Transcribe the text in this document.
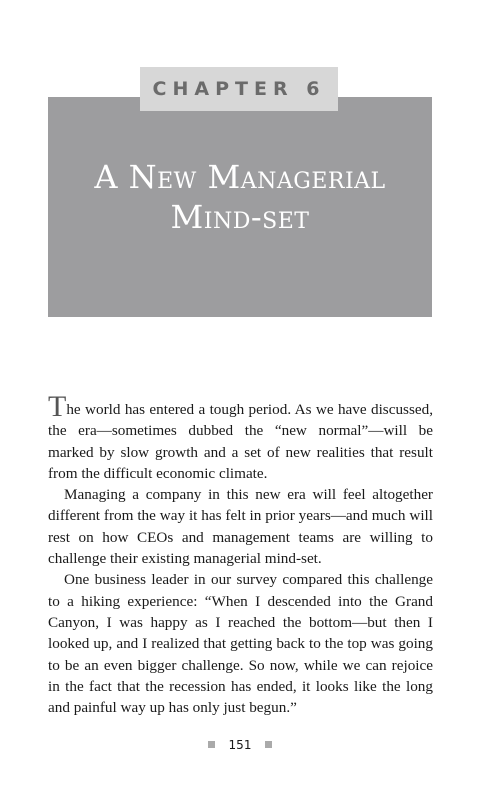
CHAPTER 6
A New Managerial
Mind-set

The world has entered a tough period. As we have discussed, the era—sometimes dubbed the “new normal”—will be marked by slow growth and a set of new realities that result from the difficult economic climate.

Managing a company in this new era will feel altogether different from the way it has felt in prior years—and much will rest on how CEOs and management teams are willing to challenge their existing managerial mind-set.

One business leader in our survey compared this challenge to a hiking experience: “When I descended into the Grand Canyon, I was happy as I reached the bottom—but then I looked up, and I realized that getting back to the top was going to be an even bigger challenge. So now, while we can rejoice in the fact that the recession has ended, it looks like the long and painful way up has only just begun.”

151
